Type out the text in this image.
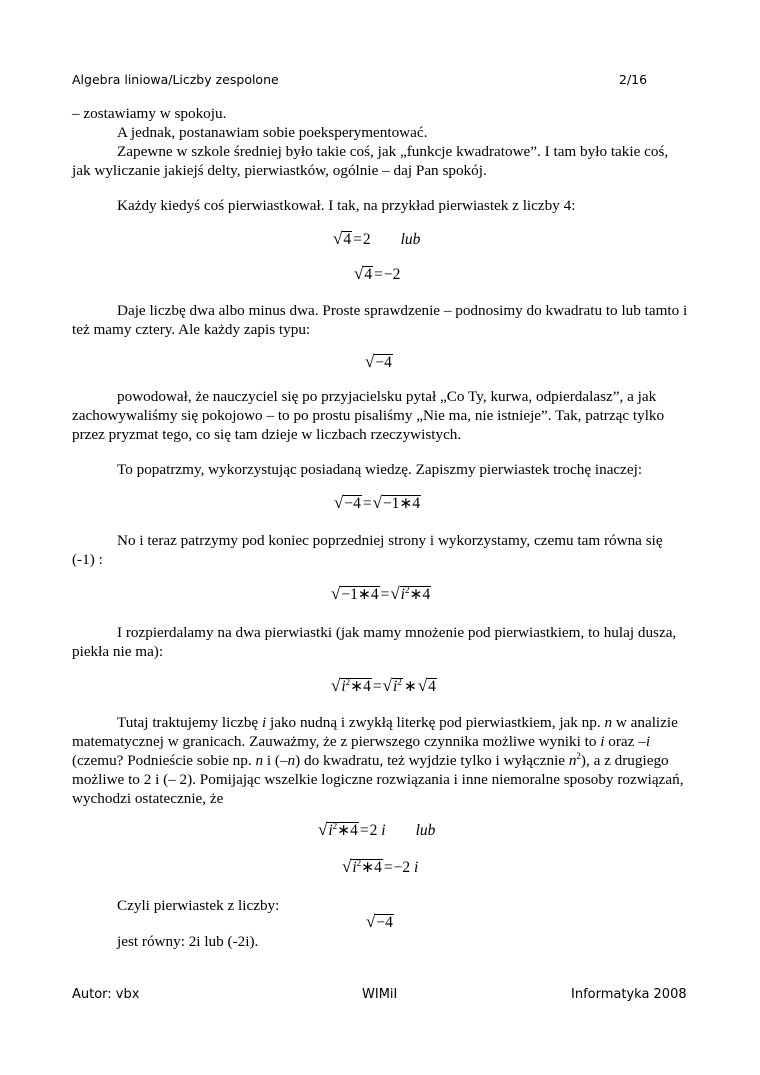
Algebra liniowa/Liczby zespolone	2/16

– zostawiamy w spokoju.

A jednak, postanawiam sobie poeksperymentować.

Zapewne w szkole średniej było takie coś, jak „funkcje kwadratowe”. I tam było takie coś, jak wyliczanie jakiejś delty, pierwiastków, ogólnie – daj Pan spokój.

Każdy kiedyś coś pierwiastkował. I tak, na przykład pierwiastek z liczby 4:

√4 =2 lub
√4 =−2

Daje liczbę dwa albo minus dwa. Proste sprawdzenie – podnosimy do kwadratu to lub tamto i też mamy cztery. Ale każdy zapis typu:

√−4

powodował, że nauczyciel się po przyjacielsku pytał „Co Ty, kurwa, odpierdalasz”, a jak zachowywaliśmy się pokojowo – to po prostu pisaliśmy „Nie ma, nie istnieje”. Tak, patrząc tylko przez pryzmat tego, co się tam dzieje w liczbach rzeczywistych.

To popatrzmy, wykorzystując posiadaną wiedzę. Zapiszmy pierwiastek trochę inaczej:

√−4 =√−1∗4

No i teraz patrzymy pod koniec poprzedniej strony i wykorzystamy, czemu tam równa się (-1) :

√−1∗4 $=√i^2∗4$

I rozpierdalamy na dwa pierwiastki (jak mamy mnożenie pod pierwiastkiem, to hulaj dusza, piekła nie ma):

$√i^2∗4 =√i^2$ ∗√4

Tutaj traktujemy liczbę i jako nudną i zwykłą literkę pod pierwiastkiem, jak np. n w analizie matematycznej w granicach. Zauważmy, że z pierwszego czynnika możliwe wyniki to i oraz –i (czemu? Podnieście sobie np. n i (–n) do kwadratu, też wyjdzie tylko i wyłącznie $n^2$), a z drugiego możliwe to 2 i (– 2). Pomijając wszelkie logiczne rozwiązania i inne niemoralne sposoby rozwiązań, wychodzi ostatecznie, że

$√i^2∗4 =2$ i lub
$√i^2∗4 =-2$ i

Czyli pierwiastek z liczby:

√−4

jest równy: 2i lub (-2i).

Autor: vbx	WIMiI	Informatyka 2008
